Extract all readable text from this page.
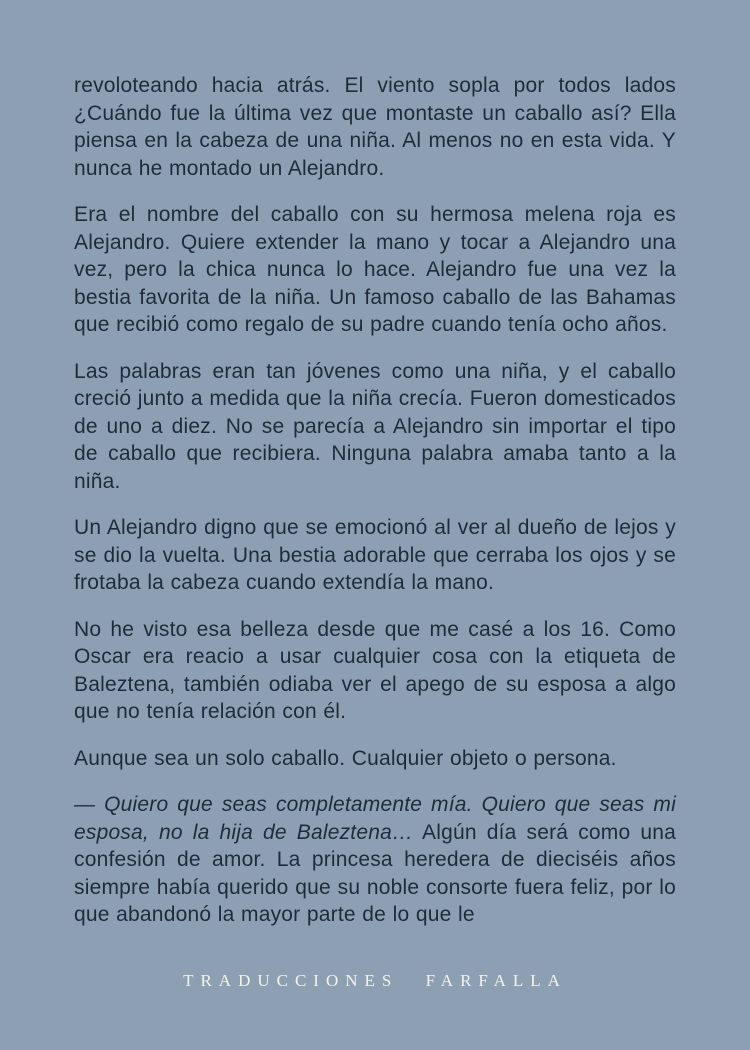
revoloteando hacia atrás. El viento sopla por todos lados ¿Cuándo fue la última vez que montaste un caballo así? Ella piensa en la cabeza de una niña. Al menos no en esta vida. Y nunca he montado un Alejandro.

Era el nombre del caballo con su hermosa melena roja es Alejandro. Quiere extender la mano y tocar a Alejandro una vez, pero la chica nunca lo hace. Alejandro fue una vez la bestia favorita de la niña. Un famoso caballo de las Bahamas que recibió como regalo de su padre cuando tenía ocho años.

Las palabras eran tan jóvenes como una niña, y el caballo creció junto a medida que la niña crecía. Fueron domesticados de uno a diez. No se parecía a Alejandro sin importar el tipo de caballo que recibiera. Ninguna palabra amaba tanto a la niña.

Un Alejandro digno que se emocionó al ver al dueño de lejos y se dio la vuelta. Una bestia adorable que cerraba los ojos y se frotaba la cabeza cuando extendía la mano.

No he visto esa belleza desde que me casé a los 16. Como Oscar era reacio a usar cualquier cosa con la etiqueta de Baleztena, también odiaba ver el apego de su esposa a algo que no tenía relación con él.

Aunque sea un solo caballo. Cualquier objeto o persona.

— Quiero que seas completamente mía. Quiero que seas mi esposa, no la hija de Baleztena… Algún día será como una confesión de amor. La princesa heredera de dieciséis años siempre había querido que su noble consorte fuera feliz, por lo que abandonó la mayor parte de lo que le

TRADUCCIONES FARFALLA
